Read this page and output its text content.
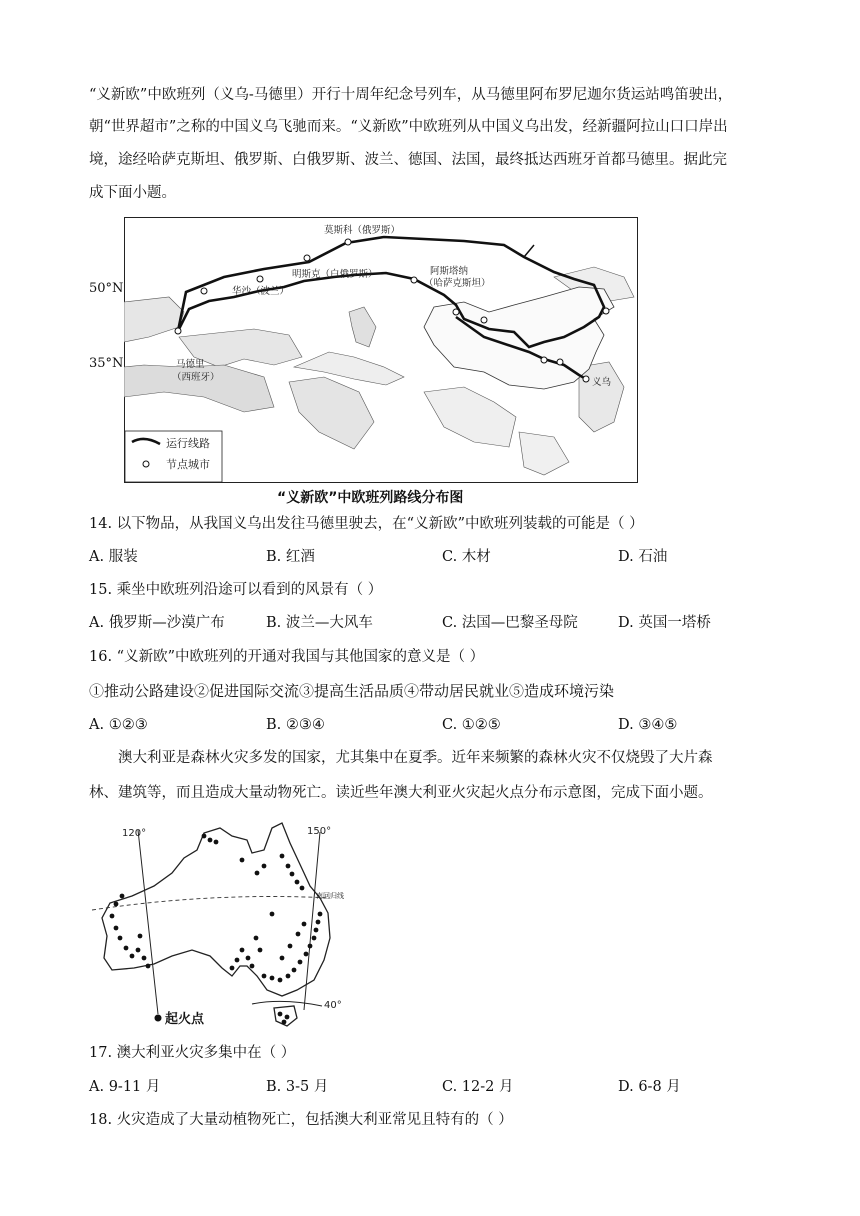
“义新欧”中欧班列（义乌-马德里）开行十周年纪念号列车，从马德里阿布罗尼迦尔货运站鸣笛驶出，
朝“世界超市”之称的中国义乌飞驰而来。“义新欧”中欧班列从中国义乌出发，经新疆阿拉山口口岸出
境，途经哈萨克斯坦、俄罗斯、白俄罗斯、波兰、德国、法国，最终抵达西班牙首都马德里。据此完
成下面小题。
莫斯科（俄罗斯）
华沙（波兰）
明斯克（白俄罗斯）	阿斯塔纳
（哈萨克斯坦）
马德里
（西班牙）	义乌
运行线路
节点城市
50°N
35°N
“义新欧”中欧班列路线分布图
14. 以下物品，从我国义乌出发往马德里驶去，在“义新欧”中欧班列装载的可能是（ ）
A. 服装	B. 红酒	C. 木材	D. 石油
15. 乘坐中欧班列沿途可以看到的风景有（ ）
A. 俄罗斯—沙漠广布	B. 波兰—大风车	C. 法国—巴黎圣母院	D. 英国一塔桥
16. “义新欧”中欧班列的开通对我国与其他国家的意义是（ ）
①推动公路建设②促进国际交流③提高生活品质④带动居民就业⑤造成环境污染
A. ①②③	B. ②③④	C. ①②⑤	D. ③④⑤
澳大利亚是森林火灾多发的国家，尤其集中在夏季。近年来频繁的森林火灾不仅烧毁了大片森
林、建筑等，而且造成大量动物死亡。读近些年澳大利亚火灾起火点分布示意图，完成下面小题。
120°	150°
南回归线
40°
起火点
17. 澳大利亚火灾多集中在（ ）
A. 9-11 月	B. 3-5 月	C. 12-2 月	D. 6-8 月
18. 火灾造成了大量动植物死亡，包括澳大利亚常见且特有的（ ）
